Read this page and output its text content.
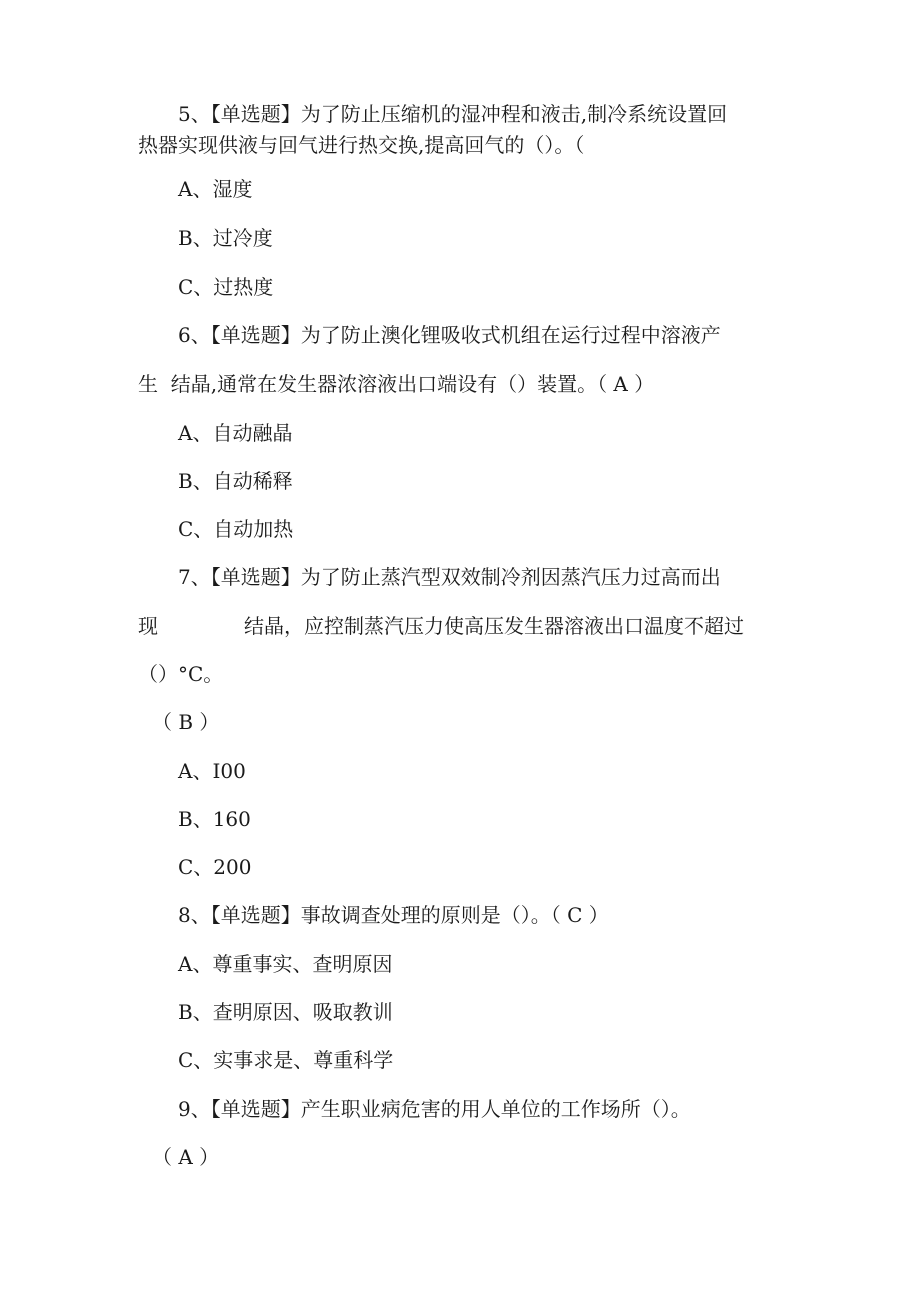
5、【单选题】为了防止压缩机的湿冲程和液击,制冷系统设置回

热器实现供液与回气进行热交换,提高回气的（）。（

A、湿度

B、过冷度

C、过热度

6、【单选题】为了防止澳化锂吸收式机组在运行过程中溶液产

生  结晶,通常在发生器浓溶液出口端设有（）装置。（ A ）

A、自动融晶

B、自动稀释

C、自动加热

7、【单选题】为了防止蒸汽型双效制冷剂因蒸汽压力过高而出

现	结晶，应控制蒸汽压力使高压发生器溶液出口温度不超过

（）°C。

（ B ）

A、I00

B、160

C、200

8、【单选题】事故调查处理的原则是（）。（ C ）

A、尊重事实、查明原因

B、查明原因、吸取教训

C、实事求是、尊重科学

9、【单选题】产生职业病危害的用人单位的工作场所（）。

（ A ）
